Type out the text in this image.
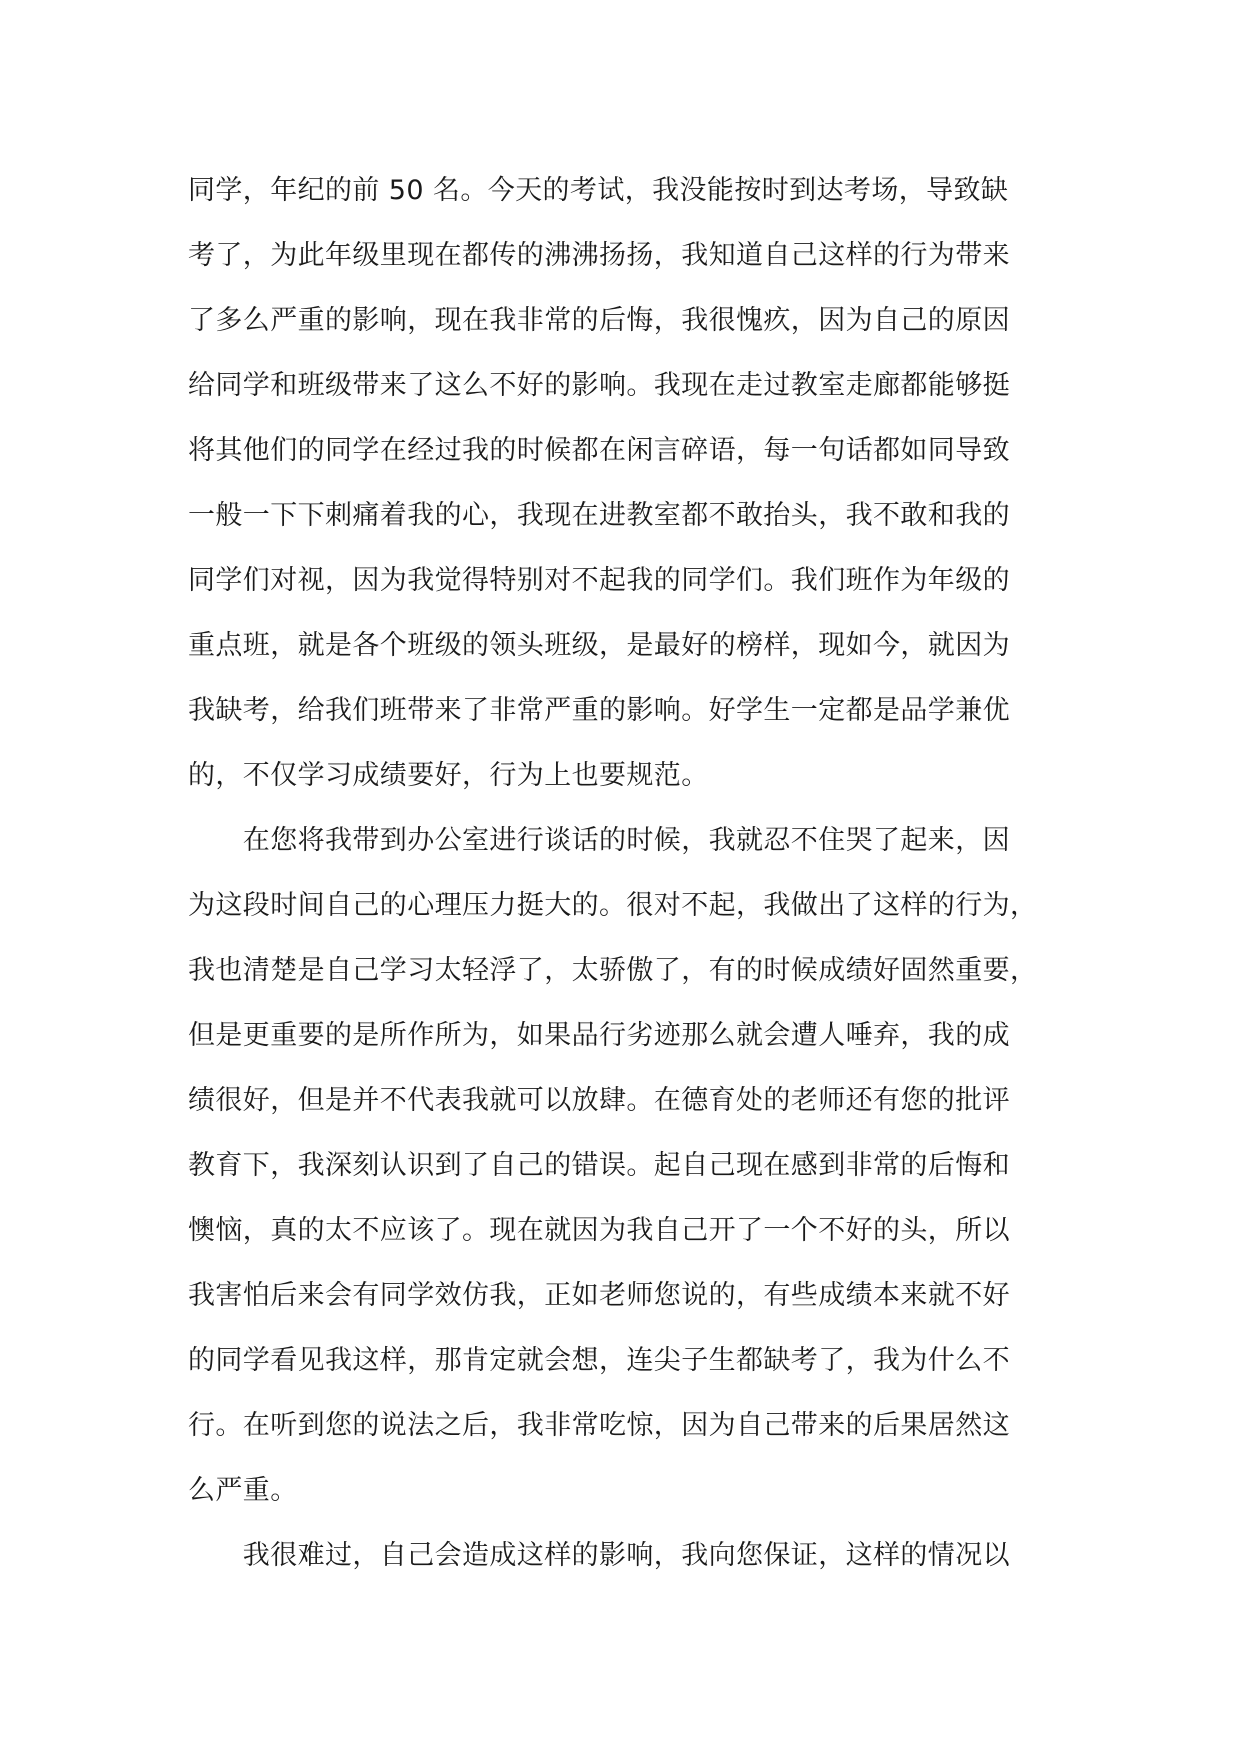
同学，年纪的前 50 名。今天的考试，我没能按时到达考场，导致缺
考了，为此年级里现在都传的沸沸扬扬，我知道自己这样的行为带来
了多么严重的影响，现在我非常的后悔，我很愧疚，因为自己的原因
给同学和班级带来了这么不好的影响。我现在走过教室走廊都能够挺
将其他们的同学在经过我的时候都在闲言碎语，每一句话都如同导致
一般一下下刺痛着我的心，我现在进教室都不敢抬头，我不敢和我的
同学们对视，因为我觉得特别对不起我的同学们。我们班作为年级的
重点班，就是各个班级的领头班级，是最好的榜样，现如今，就因为
我缺考，给我们班带来了非常严重的影响。好学生一定都是品学兼优
的，不仅学习成绩要好，行为上也要规范。
　　在您将我带到办公室进行谈话的时候，我就忍不住哭了起来，因
为这段时间自己的心理压力挺大的。很对不起，我做出了这样的行为，
我也清楚是自己学习太轻浮了，太骄傲了，有的时候成绩好固然重要，
但是更重要的是所作所为，如果品行劣迹那么就会遭人唾弃，我的成
绩很好，但是并不代表我就可以放肆。在德育处的老师还有您的批评
教育下，我深刻认识到了自己的错误。起自己现在感到非常的后悔和
懊恼，真的太不应该了。现在就因为我自己开了一个不好的头，所以
我害怕后来会有同学效仿我，正如老师您说的，有些成绩本来就不好
的同学看见我这样，那肯定就会想，连尖子生都缺考了，我为什么不
行。在听到您的说法之后，我非常吃惊，因为自己带来的后果居然这
么严重。
　　我很难过，自己会造成这样的影响，我向您保证，这样的情况以
